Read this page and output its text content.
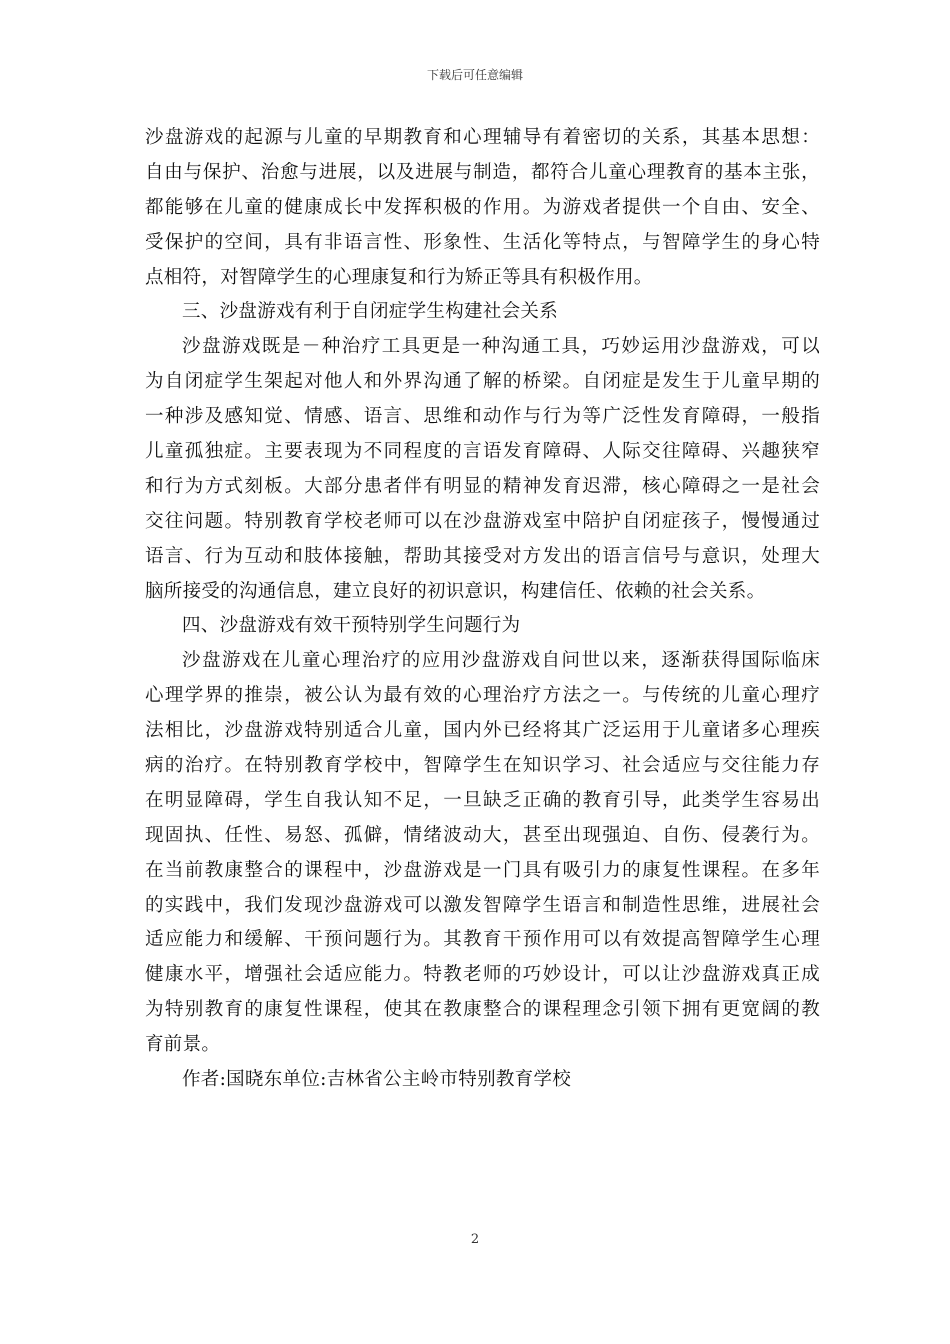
下载后可任意编辑
沙盘游戏的起源与儿童的早期教育和心理辅导有着密切的关系，其基本思想：
自由与保护、治愈与进展，以及进展与制造，都符合儿童心理教育的基本主张，
都能够在儿童的健康成长中发挥积极的作用。为游戏者提供一个自由、安全、
受保护的空间，具有非语言性、形象性、生活化等特点，与智障学生的身心特
点相符，对智障学生的心理康复和行为矫正等具有积极作用。
三、沙盘游戏有利于自闭症学生构建社会关系
沙盘游戏既是－种治疗工具更是一种沟通工具，巧妙运用沙盘游戏，可以
为自闭症学生架起对他人和外界沟通了解的桥梁。自闭症是发生于儿童早期的
一种涉及感知觉、情感、语言、思维和动作与行为等广泛性发育障碍，一般指
儿童孤独症。主要表现为不同程度的言语发育障碍、人际交往障碍、兴趣狭窄
和行为方式刻板。大部分患者伴有明显的精神发育迟滞，核心障碍之一是社会
交往问题。特别教育学校老师可以在沙盘游戏室中陪护自闭症孩子，慢慢通过
语言、行为互动和肢体接触，帮助其接受对方发出的语言信号与意识，处理大
脑所接受的沟通信息，建立良好的初识意识，构建信任、依赖的社会关系。
四、沙盘游戏有效干预特别学生问题行为
沙盘游戏在儿童心理治疗的应用沙盘游戏自问世以来，逐渐获得国际临床
心理学界的推崇，被公认为最有效的心理治疗方法之一。与传统的儿童心理疗
法相比，沙盘游戏特别适合儿童，国内外已经将其广泛运用于儿童诸多心理疾
病的治疗。在特别教育学校中，智障学生在知识学习、社会适应与交往能力存
在明显障碍，学生自我认知不足，一旦缺乏正确的教育引导，此类学生容易出
现固执、任性、易怒、孤僻，情绪波动大，甚至出现强迫、自伤、侵袭行为。
在当前教康整合的课程中，沙盘游戏是一门具有吸引力的康复性课程。在多年
的实践中，我们发现沙盘游戏可以激发智障学生语言和制造性思维，进展社会
适应能力和缓解、干预问题行为。其教育干预作用可以有效提高智障学生心理
健康水平，增强社会适应能力。特教老师的巧妙设计，可以让沙盘游戏真正成
为特别教育的康复性课程，使其在教康整合的课程理念引领下拥有更宽阔的教
育前景。
作者:国晓东单位:吉林省公主岭市特别教育学校
2
